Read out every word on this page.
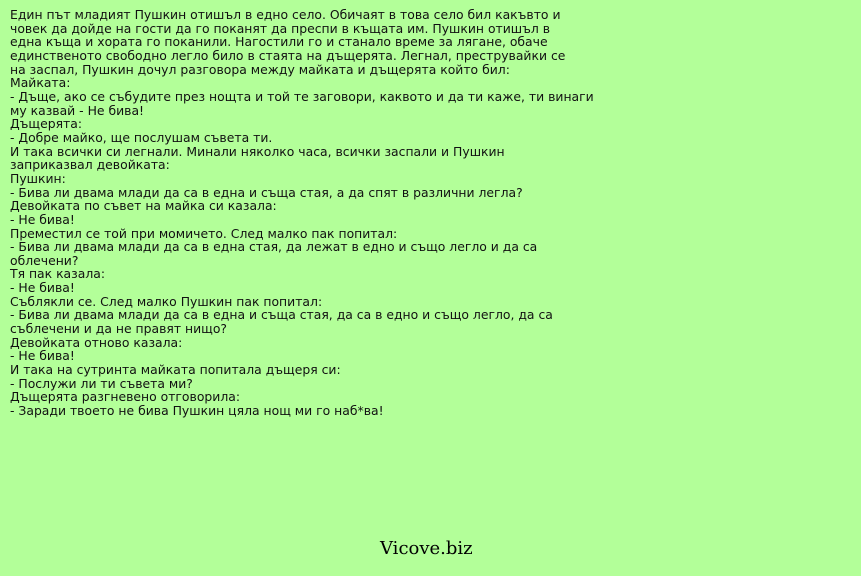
Един път младият Пушкин отишъл в едно село. Обичаят в това село бил какъвто и
човек да дойде на гости да го поканят да преспи в къщата им. Пушкин отишъл в
една къща и хората го поканили. Нагостили го и станало време за лягане, обаче
единственото свободно легло било в стаята на дъщерята. Легнал, преструвайки се
на заспал, Пушкин дочул разговора между майката и дъщерята който бил:
Майката:
- Дъще, ако се събудите през нощта и той те заговори, каквото и да ти каже, ти винаги
му казвай - Не бива!
Дъщерята:
- Добре майко, ще послушам съвета ти.
И така всички си легнали. Минали няколко часа, всички заспали и Пушкин
заприказвал девойката:
Пушкин:
- Бива ли двама млади да са в една и съща стая, а да спят в различни легла?
Девойката по съвет на майка си казала:
- Не бива!
Преместил се той при момичето. След малко пак попитал:
- Бива ли двама млади да са в една стая, да лежат в едно и също легло и да са
облечени?
Тя пак казала:
- Не бива!
Съблякли се. След малко Пушкин пак попитал:
- Бива ли двама млади да са в една и съща стая, да са в едно и също легло, да са
съблечени и да не правят нищо?
Девойката отново казала:
- Не бива!
И така на сутринта майката попитала дъщеря си:
- Послужи ли ти съвета ми?
Дъщерята разгневено отговорила:
- Заради твоето не бива Пушкин цяла нощ ми го наб*ва!
Vicove.biz
